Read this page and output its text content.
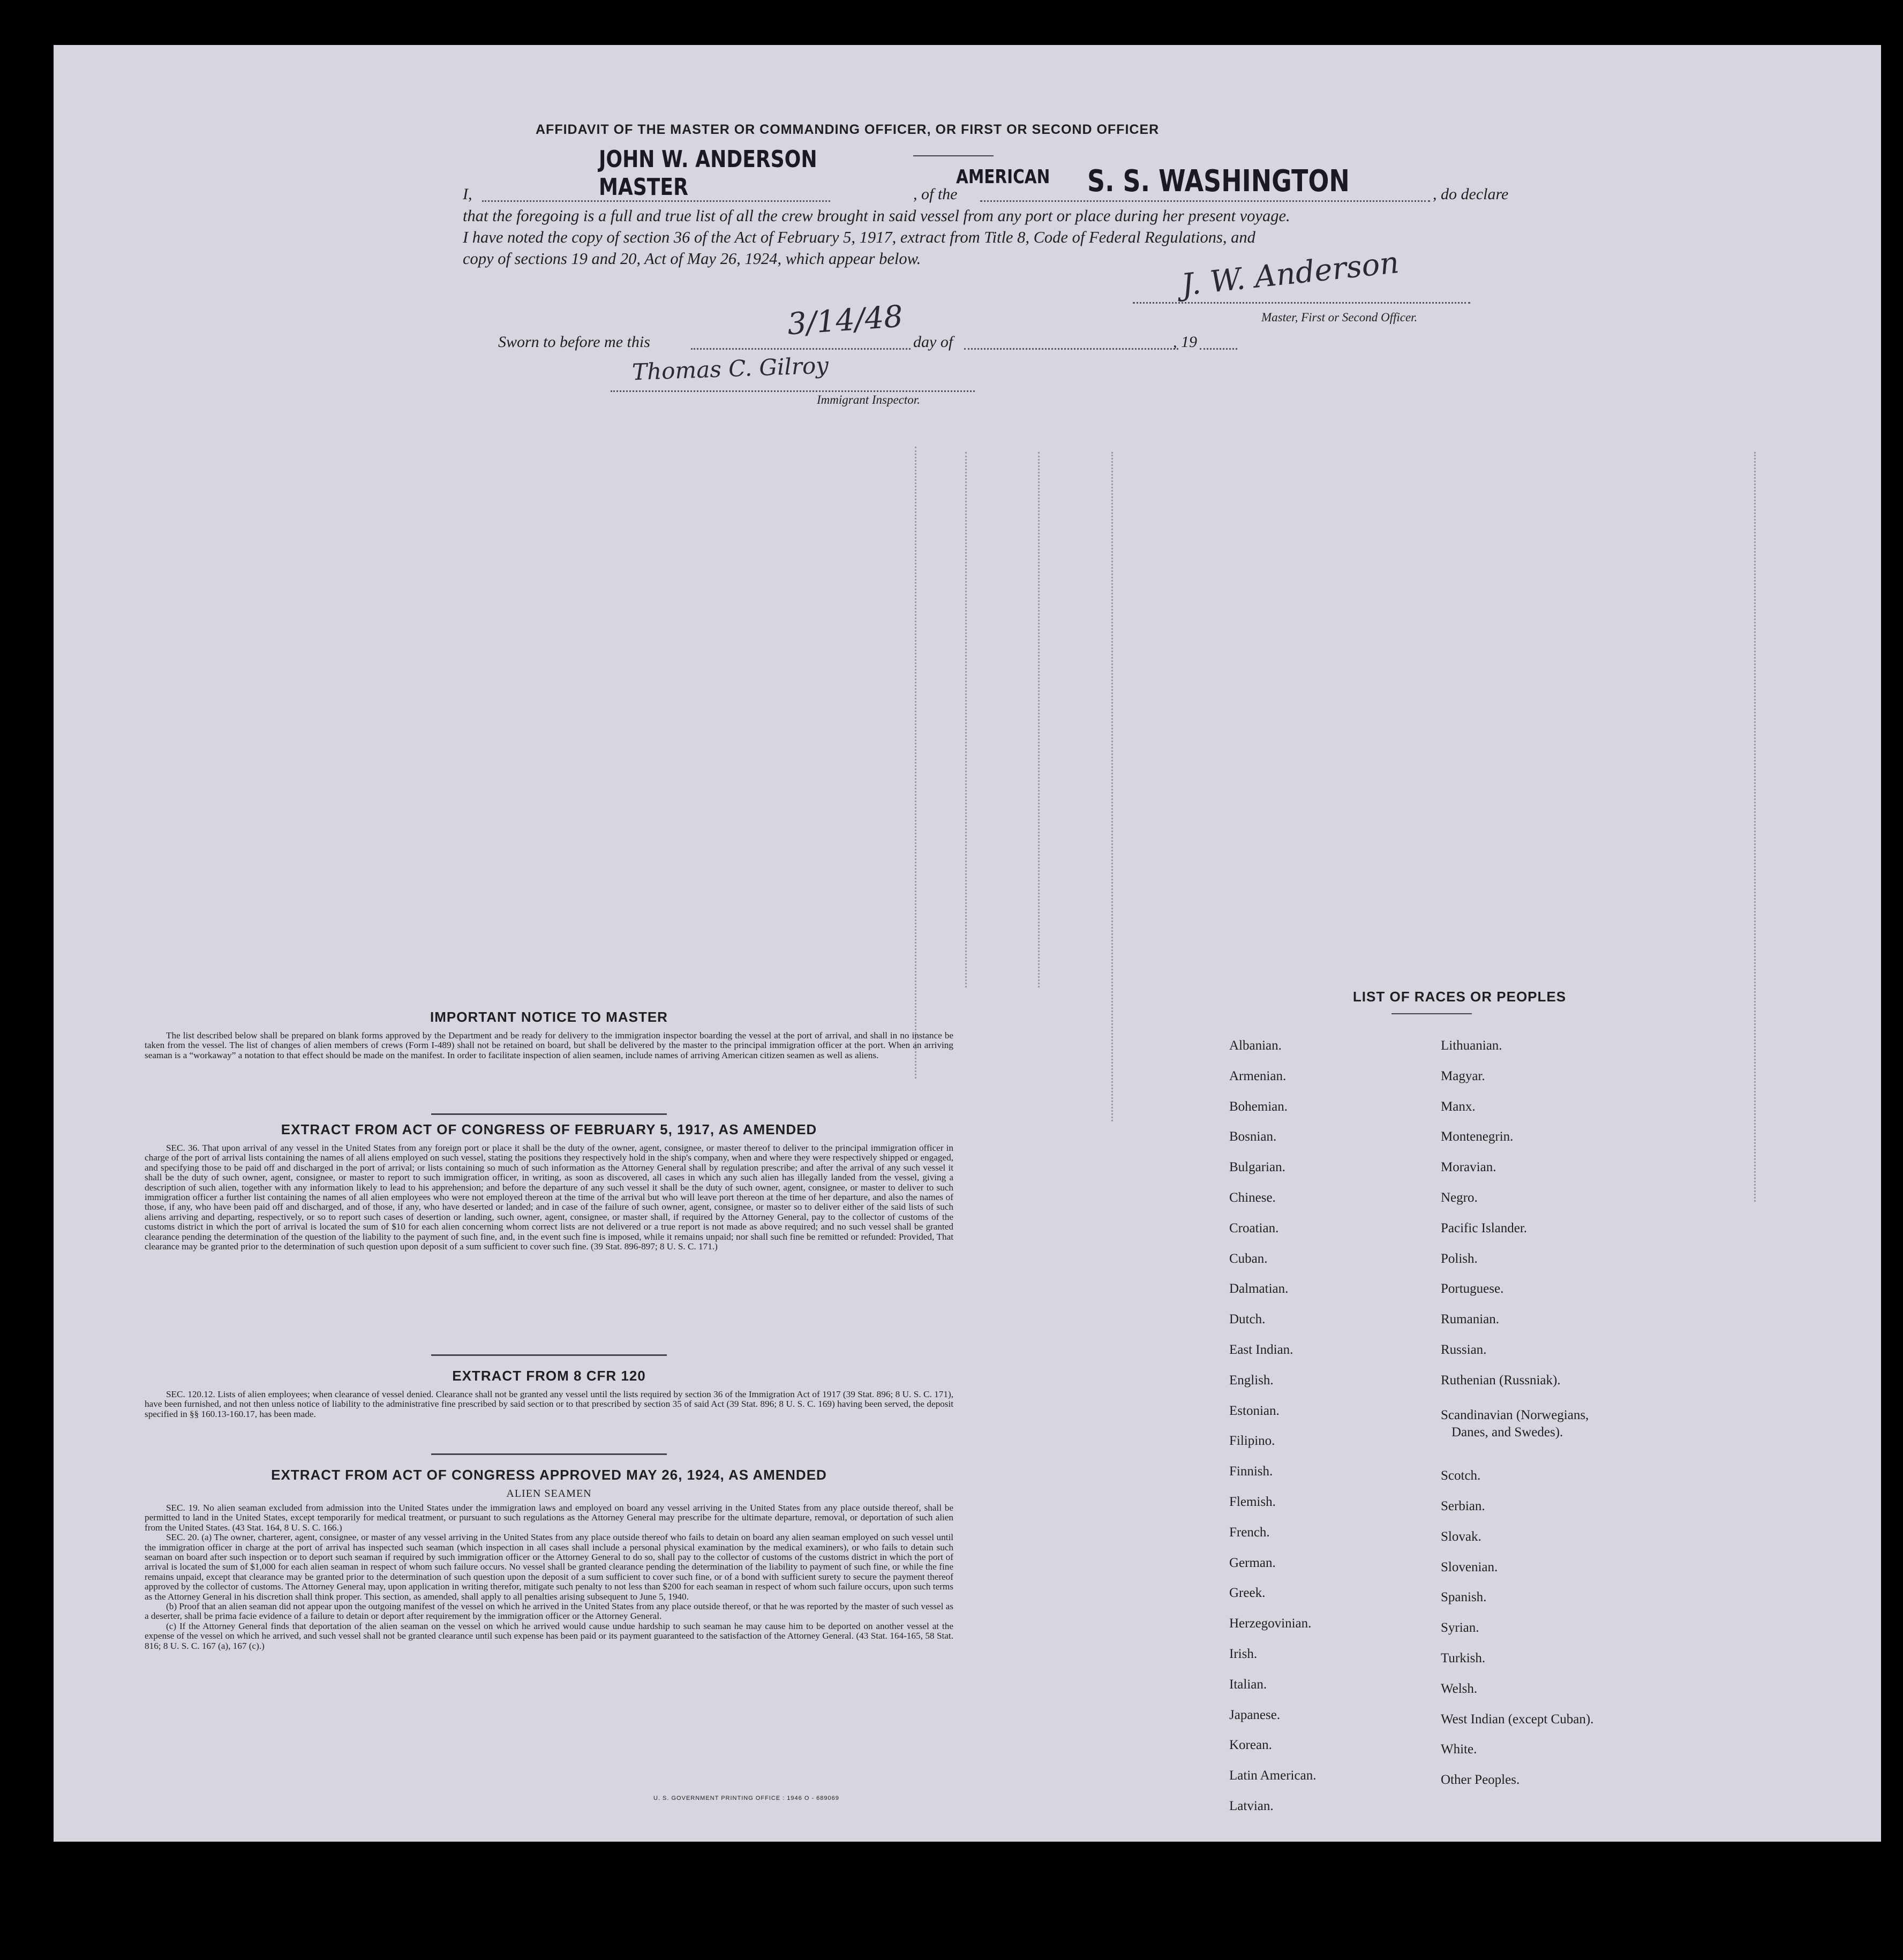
AFFIDAVIT OF THE MASTER OR COMMANDING OFFICER, OR FIRST OR SECOND OFFICER
JOHN W. ANDERSON
MASTER
I,	, of the
AMERICAN S. S. WASHINGTON	, do declare
that the foregoing is a full and true list of all the crew brought in said vessel from any port or place during her present voyage.
I have noted the copy of section 36 of the Act of February 5, 1917, extract from Title 8, Code of Federal Regulations, and
copy of sections 19 and 20, Act of May 26, 1924, which appear below.	J. W. Anderson
Master, First or Second Officer.
Sworn to before me this
3/14/48
day of	, 19
Thomas C. Gilroy
Immigrant Inspector.
IMPORTANT NOTICE TO MASTER
The list described below shall be prepared on blank forms approved by the Department and be ready for delivery to the immigration inspector boarding the vessel at the port of arrival, and shall in no instance be taken from the vessel. The list of changes of alien members of crews (Form I-489) shall not be retained on board, but shall be delivered by the master to the principal immigration officer at the port. When an arriving seaman is a “workaway” a notation to that effect should be made on the manifest. In order to facilitate inspection of alien seamen, include names of arriving American citizen seamen as well as aliens.
EXTRACT FROM ACT OF CONGRESS OF FEBRUARY 5, 1917, AS AMENDED
SEC. 36. That upon arrival of any vessel in the United States from any foreign port or place it shall be the duty of the owner, agent, consignee, or master thereof to deliver to the principal immigration officer in charge of the port of arrival lists containing the names of all aliens employed on such vessel, stating the positions they respectively hold in the ship's company, when and where they were respectively shipped or engaged, and specifying those to be paid off and discharged in the port of arrival; or lists containing so much of such information as the Attorney General shall by regulation prescribe; and after the arrival of any such vessel it shall be the duty of such owner, agent, consignee, or master to report to such immigration officer, in writing, as soon as discovered, all cases in which any such alien has illegally landed from the vessel, giving a description of such alien, together with any information likely to lead to his apprehension; and before the departure of any such vessel it shall be the duty of such owner, agent, consignee, or master to deliver to such immigration officer a further list containing the names of all alien employees who were not employed thereon at the time of the arrival but who will leave port thereon at the time of her departure, and also the names of those, if any, who have been paid off and discharged, and of those, if any, who have deserted or landed; and in case of the failure of such owner, agent, consignee, or master so to deliver either of the said lists of such aliens arriving and departing, respectively, or so to report such cases of desertion or landing, such owner, agent, consignee, or master shall, if required by the Attorney General, pay to the collector of customs of the customs district in which the port of arrival is located the sum of $10 for each alien concerning whom correct lists are not delivered or a true report is not made as above required; and no such vessel shall be granted clearance pending the determination of the question of the liability to the payment of such fine, and, in the event such fine is imposed, while it remains unpaid; nor shall such fine be remitted or refunded: Provided, That clearance may be granted prior to the determination of such question upon deposit of a sum sufficient to cover such fine. (39 Stat. 896-897; 8 U. S. C. 171.)
EXTRACT FROM 8 CFR 120
SEC. 120.12. Lists of alien employees; when clearance of vessel denied. Clearance shall not be granted any vessel until the lists required by section 36 of the Immigration Act of 1917 (39 Stat. 896; 8 U. S. C. 171), have been furnished, and not then unless notice of liability to the administrative fine prescribed by said section or to that prescribed by section 35 of said Act (39 Stat. 896; 8 U. S. C. 169) having been served, the deposit specified in §§ 160.13-160.17, has been made.
EXTRACT FROM ACT OF CONGRESS APPROVED MAY 26, 1924, AS AMENDED
ALIEN SEAMEN
SEC. 19. No alien seaman excluded from admission into the United States under the immigration laws and employed on board any vessel arriving in the United States from any place outside thereof, shall be permitted to land in the United States, except temporarily for medical treatment, or pursuant to such regulations as the Attorney General may prescribe for the ultimate departure, removal, or deportation of such alien from the United States. (43 Stat. 164, 8 U. S. C. 166.)
SEC. 20. (a) The owner, charterer, agent, consignee, or master of any vessel arriving in the United States from any place outside thereof who fails to detain on board any alien seaman employed on such vessel until the immigration officer in charge at the port of arrival has inspected such seaman (which inspection in all cases shall include a personal physical examination by the medical examiners), or who fails to detain such seaman on board after such inspection or to deport such seaman if required by such immigration officer or the Attorney General to do so, shall pay to the collector of customs of the customs district in which the port of arrival is located the sum of $1,000 for each alien seaman in respect of whom such failure occurs. No vessel shall be granted clearance pending the determination of the liability to payment of such fine, or while the fine remains unpaid, except that clearance may be granted prior to the determination of such question upon the deposit of a sum sufficient to cover such fine, or of a bond with sufficient surety to secure the payment thereof approved by the collector of customs. The Attorney General may, upon application in writing therefor, mitigate such penalty to not less than $200 for each seaman in respect of whom such failure occurs, upon such terms as the Attorney General in his discretion shall think proper. This section, as amended, shall apply to all penalties arising subsequent to June 5, 1940.
(b) Proof that an alien seaman did not appear upon the outgoing manifest of the vessel on which he arrived in the United States from any place outside thereof, or that he was reported by the master of such vessel as a deserter, shall be prima facie evidence of a failure to detain or deport after requirement by the immigration officer or the Attorney General.
(c) If the Attorney General finds that deportation of the alien seaman on the vessel on which he arrived would cause undue hardship to such seaman he may cause him to be deported on another vessel at the expense of the vessel on which he arrived, and such vessel shall not be granted clearance until such expense has been paid or its payment guaranteed to the satisfaction of the Attorney General. (43 Stat. 164-165, 58 Stat. 816; 8 U. S. C. 167 (a), 167 (c).)
U. S. GOVERNMENT PRINTING OFFICE : 1946 O - 689069
LIST OF RACES OR PEOPLES
Albanian.
Armenian.
Bohemian.
Bosnian.
Bulgarian.
Chinese.
Croatian.
Cuban.
Dalmatian.
Dutch.
East Indian.
English.
Estonian.
Filipino.
Finnish.
Flemish.
French.
German.
Greek.
Herzegovinian.
Irish.
Italian.
Japanese.
Korean.
Latin American.
Latvian.
Lithuanian.
Magyar.
Manx.
Montenegrin.
Moravian.
Negro.
Pacific Islander.
Polish.
Portuguese.
Rumanian.
Russian.
Ruthenian (Russniak).
Scandinavian (Norwegians,
Danes, and Swedes).
Scotch.
Serbian.
Slovak.
Slovenian.
Spanish.
Syrian.
Turkish.
Welsh.
West Indian (except Cuban).
White.
Other Peoples.
